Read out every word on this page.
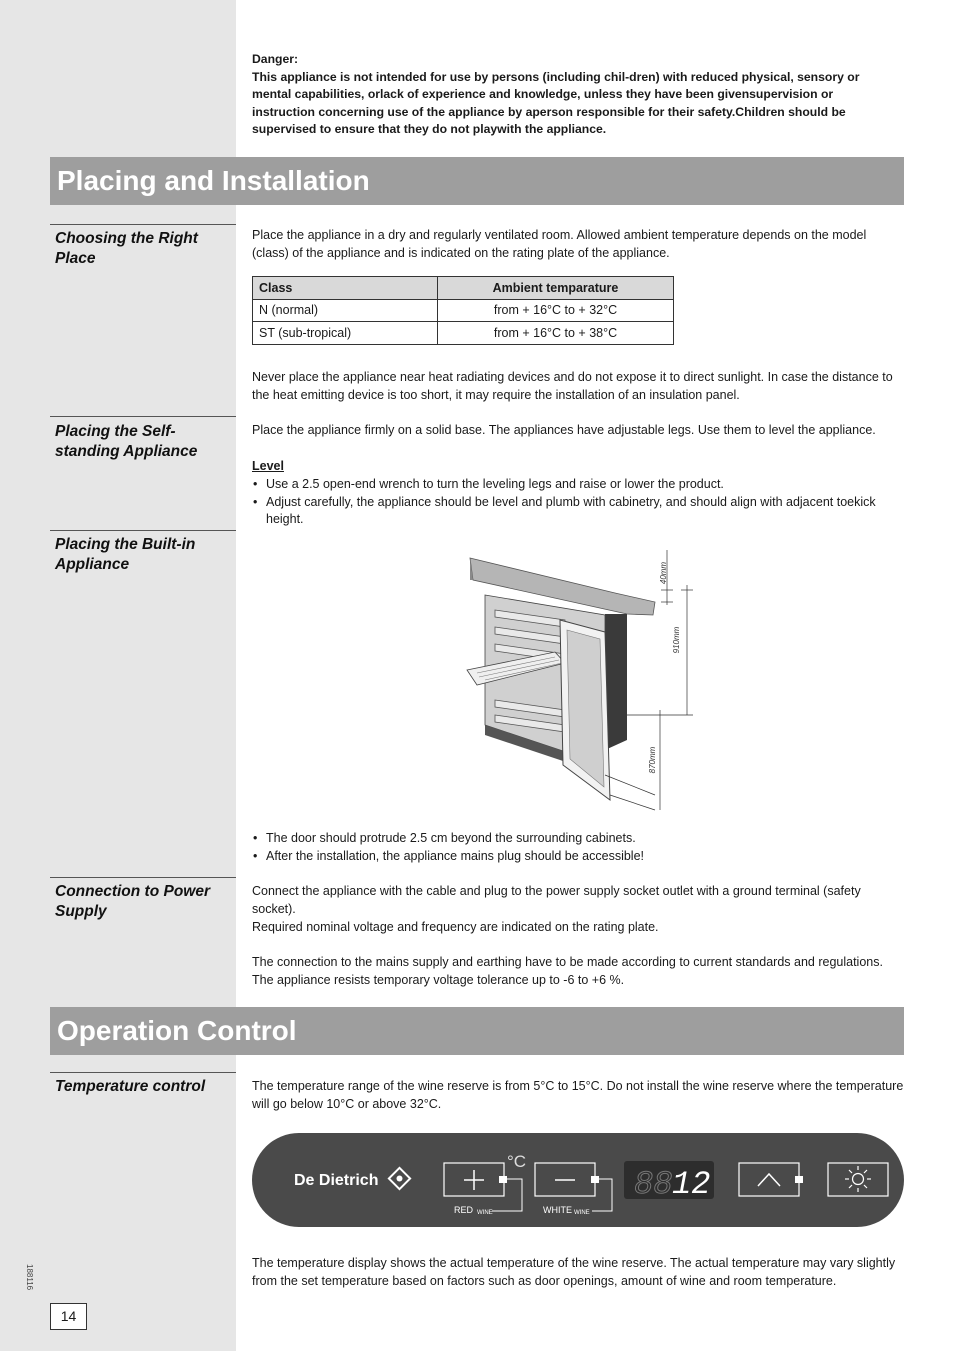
Danger:
This appliance is not intended for use by persons (including chil-dren) with reduced physical, sensory or mental capabilities, orlack of experience and knowledge, unless they have been givensupervision or instruction concerning use of the appliance by aperson responsible for their safety.Children should be supervised to ensure that they do not playwith the appliance.
Placing and Installation
Choosing the Right Place
Place the appliance in a dry and regularly ventilated room. Allowed ambient temperature depends on the model (class) of the appliance and is indicated on the rating plate of the appliance.
Class	Ambient temparature
N (normal)	from + 16°C to + 32°C
ST (sub-tropical)	from + 16°C to + 38°C
Never place the appliance near heat radiating devices and do not expose it to direct sunlight. In case the distance to the heat emitting device is too short, it may require the installation of an insulation panel.
Placing the Self-standing Appliance
Place the appliance firmly on a solid base. The appliances have adjustable legs. Use them to level the appliance.
Level
• Use a 2.5 open-end wrench to turn the leveling legs and raise or lower the product.
• Adjust carefully, the appliance should be level and plumb with cabinetry, and should align with adjacent toekick height.
Placing the Built-in Appliance	40mm
910mm
870mm
• The door should protrude 2.5 cm beyond the surrounding cabinets.
• After the installation, the appliance mains plug should be accessible!
Connection to Power Supply
Connect the appliance with the cable and plug to the power supply socket outlet with a ground terminal (safety socket).
Required nominal voltage and frequency are indicated on the rating plate.
The connection to the mains supply and earthing have to be made according to current standards and regulations. The appliance resists temporary voltage tolerance up to -6 to +6 %.
Operation Control
Temperature control	The temperature range of the wine reserve is from 5°C to 15°C. Do not install the wine reserve where the temperature will go below 10°C or above 32°C.
De Dietrich
°C
RED WINE	WHITE WINE
88 12
The temperature display shows the actual temperature of the wine reserve. The actual temperature may vary slightly from the set temperature based on factors such as door openings, amount of wine and room temperature.
188116
14
